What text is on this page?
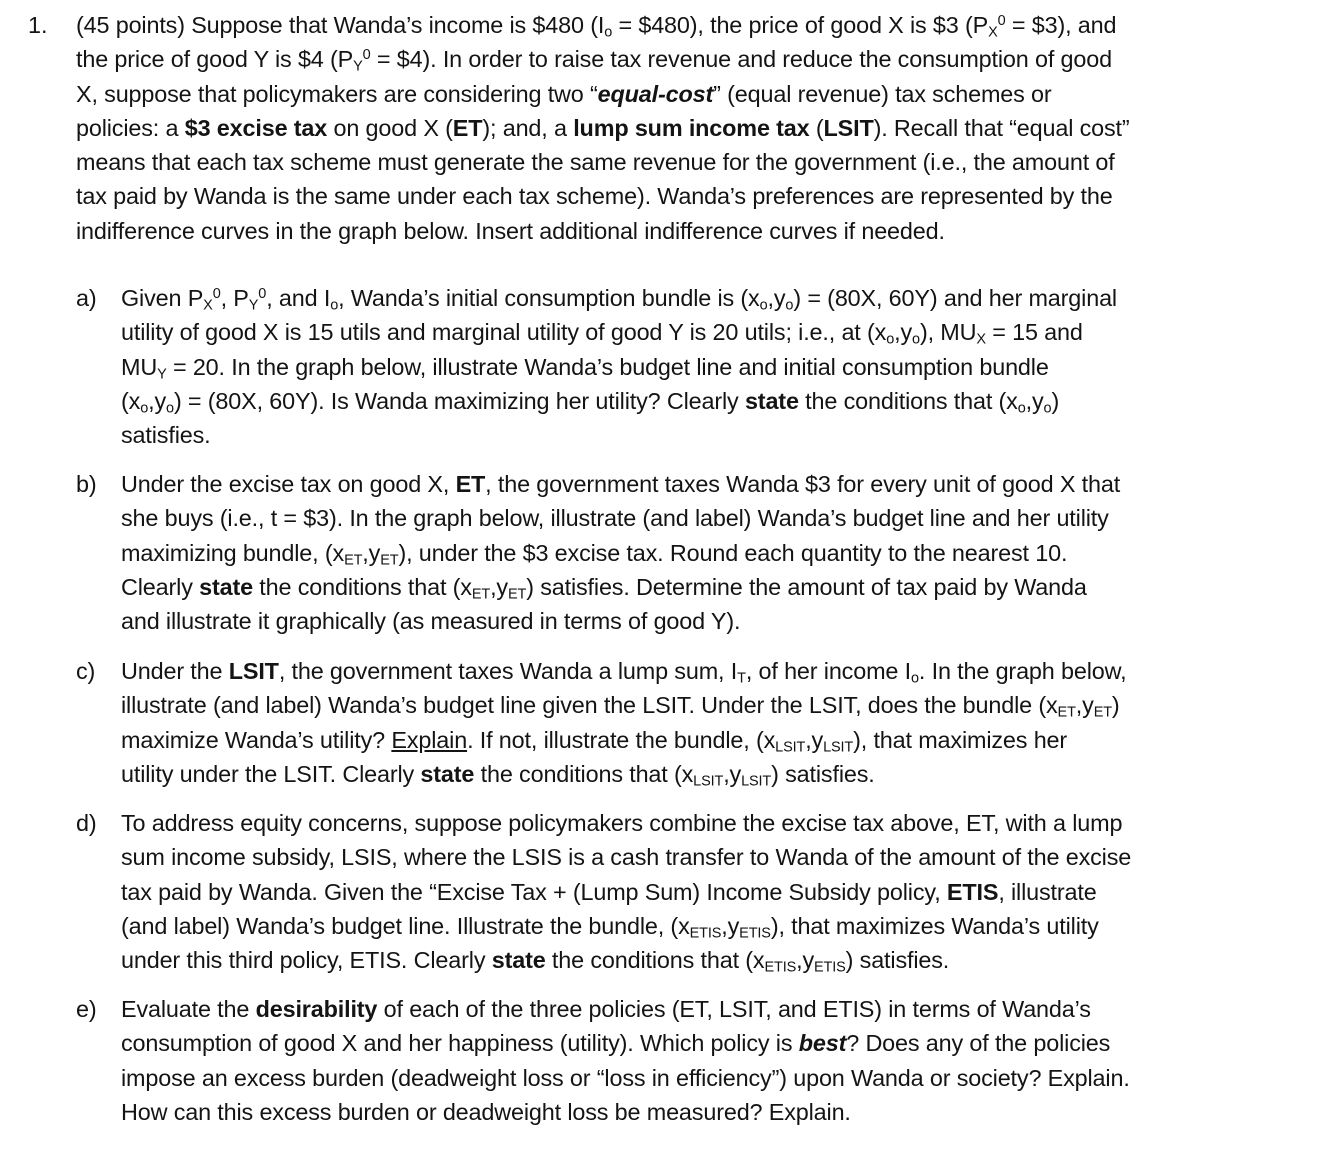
1. (45 points) Suppose that Wanda’s income is $480 ($I_o$ = $480), the price of good X is $3 ($P_X^0$ = $3), and
the price of good Y is $4 ($P_Y^0$ = $4). In order to raise tax revenue and reduce the consumption of good
X, suppose that policymakers are considering two “equal-cost” (equal revenue) tax schemes or
policies: a $3 excise tax on good X (ET); and, a lump sum income tax (LSIT). Recall that “equal cost”
means that each tax scheme must generate the same revenue for the government (i.e., the amount of
tax paid by Wanda is the same under each tax scheme). Wanda’s preferences are represented by the
indifference curves in the graph below. Insert additional indifference curves if needed.
a) Given $P_X^0$, $P_Y^0$, and $I_o$, Wanda’s initial consumption bundle is $(x_o,y_o) = (80X$, 60Y) and her marginal
utility of good X is 15 utils and marginal utility of good Y is 20 utils; i.e., at $(x_o,y_o)$, $MU_X = 15$ and
$MU_Y = 20$. In the graph below, illustrate Wanda’s budget line and initial consumption bundle
$(x_o,y_o) = (80X$, 60Y). Is Wanda maximizing her utility? Clearly state the conditions that $(x_o,y_o)$
satisfies.
b) Under the excise tax on good X, ET, the government taxes Wanda $3 for every unit of good X that
she buys (i.e., t = $3). In the graph below, illustrate (and label) Wanda’s budget line and her utility
maximizing bundle, $(x_{ET},y_{ET})$, under the $3 excise tax. Round each quantity to the nearest 10.
Clearly state the conditions that $(x_{ET},y_{ET})$ satisfies. Determine the amount of tax paid by Wanda
and illustrate it graphically (as measured in terms of good Y).
c) Under the LSIT, the government taxes Wanda a lump sum, $I_T$, of her income $I_o$. In the graph below,
illustrate (and label) Wanda’s budget line given the LSIT. Under the LSIT, does the bundle $(x_{ET},y_{ET})$
maximize Wanda’s utility? Explain. If not, illustrate the bundle, $(x_{LSIT},y_{LSIT})$, that maximizes her
utility under the LSIT. Clearly state the conditions that $(x_{LSIT},y_{LSIT})$ satisfies.
d) To address equity concerns, suppose policymakers combine the excise tax above, ET, with a lump
sum income subsidy, LSIS, where the LSIS is a cash transfer to Wanda of the amount of the excise
tax paid by Wanda. Given the “Excise Tax + (Lump Sum) Income Subsidy policy, ETIS, illustrate
(and label) Wanda’s budget line. Illustrate the bundle, $(x_{ETIS},y_{ETIS})$, that maximizes Wanda’s utility
under this third policy, ETIS. Clearly state the conditions that $(x_{ETIS},y_{ETIS})$ satisfies.
e) Evaluate the desirability of each of the three policies (ET, LSIT, and ETIS) in terms of Wanda’s
consumption of good X and her happiness (utility). Which policy is best? Does any of the policies
impose an excess burden (deadweight loss or “loss in efficiency”) upon Wanda or society? Explain.
How can this excess burden or deadweight loss be measured? Explain.
